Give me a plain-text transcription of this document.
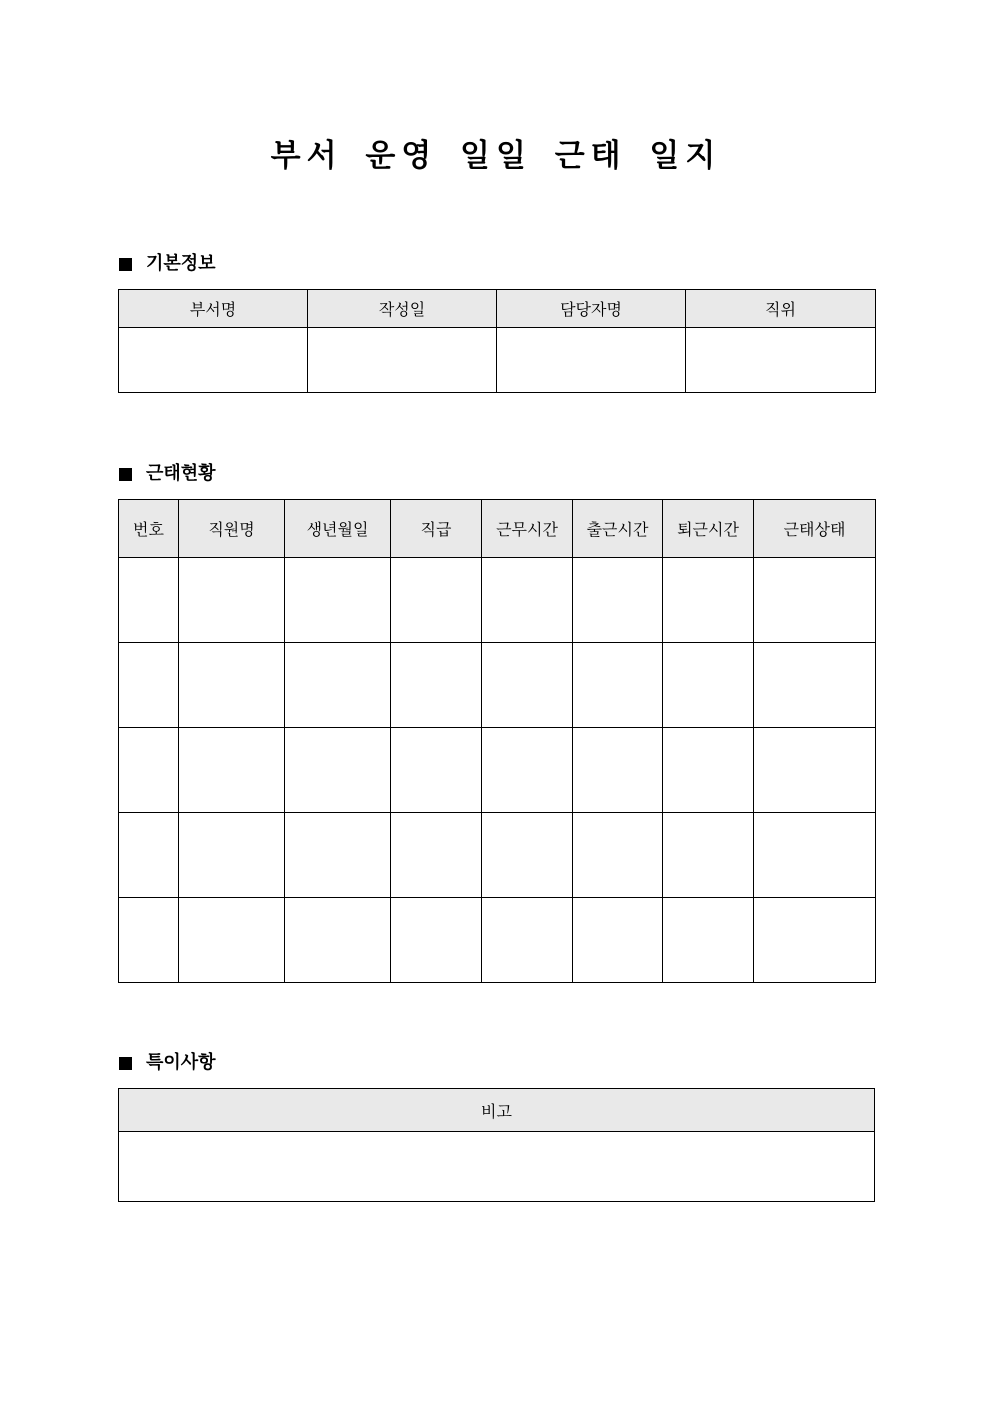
부서 운영 일일 근태 일지
기본정보
부서명	작성일	담당자명	직위

근태현황
번호	직원명	생년월일	직급	근무시간	출근시간	퇴근시간	근태상태

특이사항
비고
